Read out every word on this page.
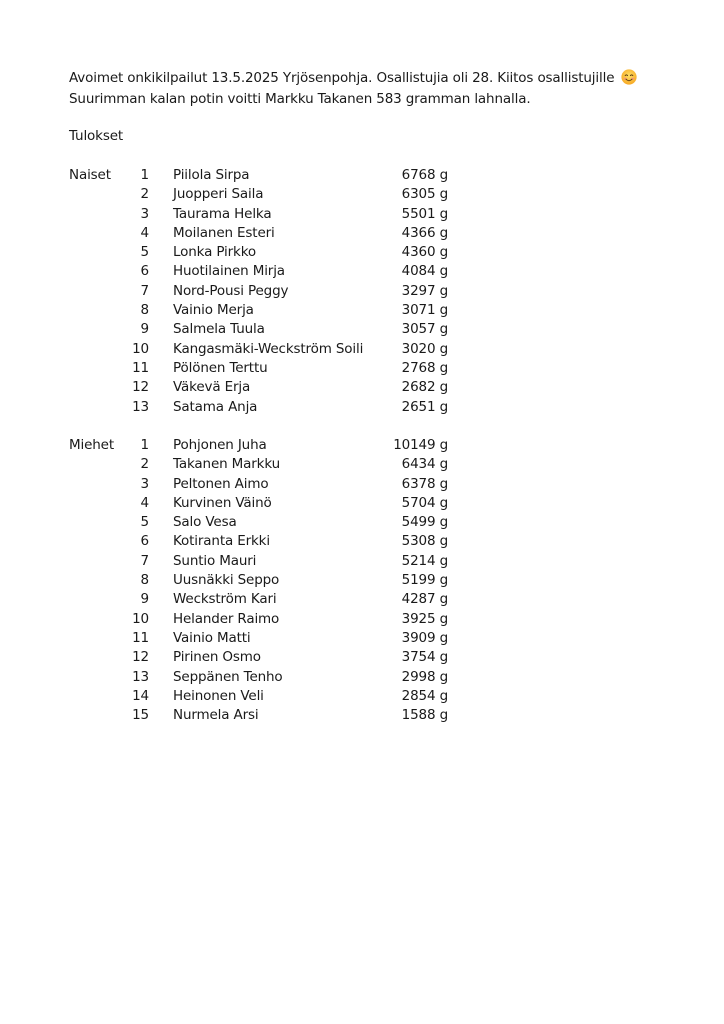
Avoimet onkikilpailut 13.5.2025 Yrjösenpohja. Osallistujia oli 28. Kiitos osallistujille

Suurimman kalan potin voitti Markku Takanen 583 gramman lahnalla.

Tulokset
Naiset	1 Piilola Sirpa	6768 g
2 Juopperi Saila	6305 g
3 Taurama Helka	5501 g
4 Moilanen Esteri	4366 g
5 Lonka Pirkko	4360 g
6 Huotilainen Mirja	4084 g
7 Nord-Pousi Peggy	3297 g
8 Vainio Merja	3071 g
9 Salmela Tuula	3057 g
10 Kangasmäki-Weckström Soili	3020 g
11 Pölönen Terttu	2768 g
12 Väkevä Erja	2682 g
13 Satama Anja	2651 g
Miehet	1 Pohjonen Juha	10149 g
2 Takanen Markku	6434 g
3 Peltonen Aimo	6378 g
4 Kurvinen Väinö	5704 g
5 Salo Vesa	5499 g
6 Kotiranta Erkki	5308 g
7 Suntio Mauri	5214 g
8 Uusnäkki Seppo	5199 g
9 Weckström Kari	4287 g
10 Helander Raimo	3925 g
11 Vainio Matti	3909 g
12 Pirinen Osmo	3754 g
13 Seppänen Tenho	2998 g
14 Heinonen Veli	2854 g
15 Nurmela Arsi	1588 g
